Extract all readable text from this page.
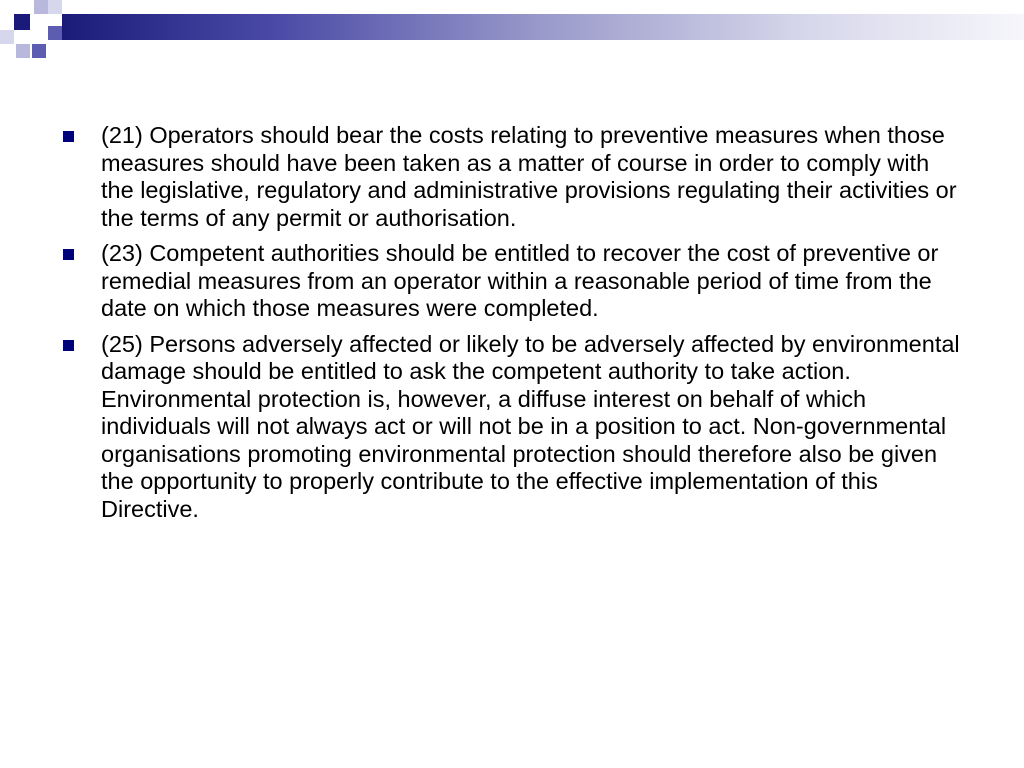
(21) Operators should bear the costs relating to preventive measures when those measures should have been taken as a matter of course in order to comply with the legislative, regulatory and administrative provisions regulating their activities or the terms of any permit or authorisation.
(23) Competent authorities should be entitled to recover the cost of preventive or remedial measures from an operator within a reasonable period of time from the date on which those measures were completed.
(25) Persons adversely affected or likely to be adversely affected by environmental damage should be entitled to ask the competent authority to take action. Environmental protection is, however, a diffuse interest on behalf of which individuals will not always act or will not be in a position to act. Non-governmental organisations promoting environmental protection should therefore also be given the opportunity to properly contribute to the effective implementation of this Directive.
